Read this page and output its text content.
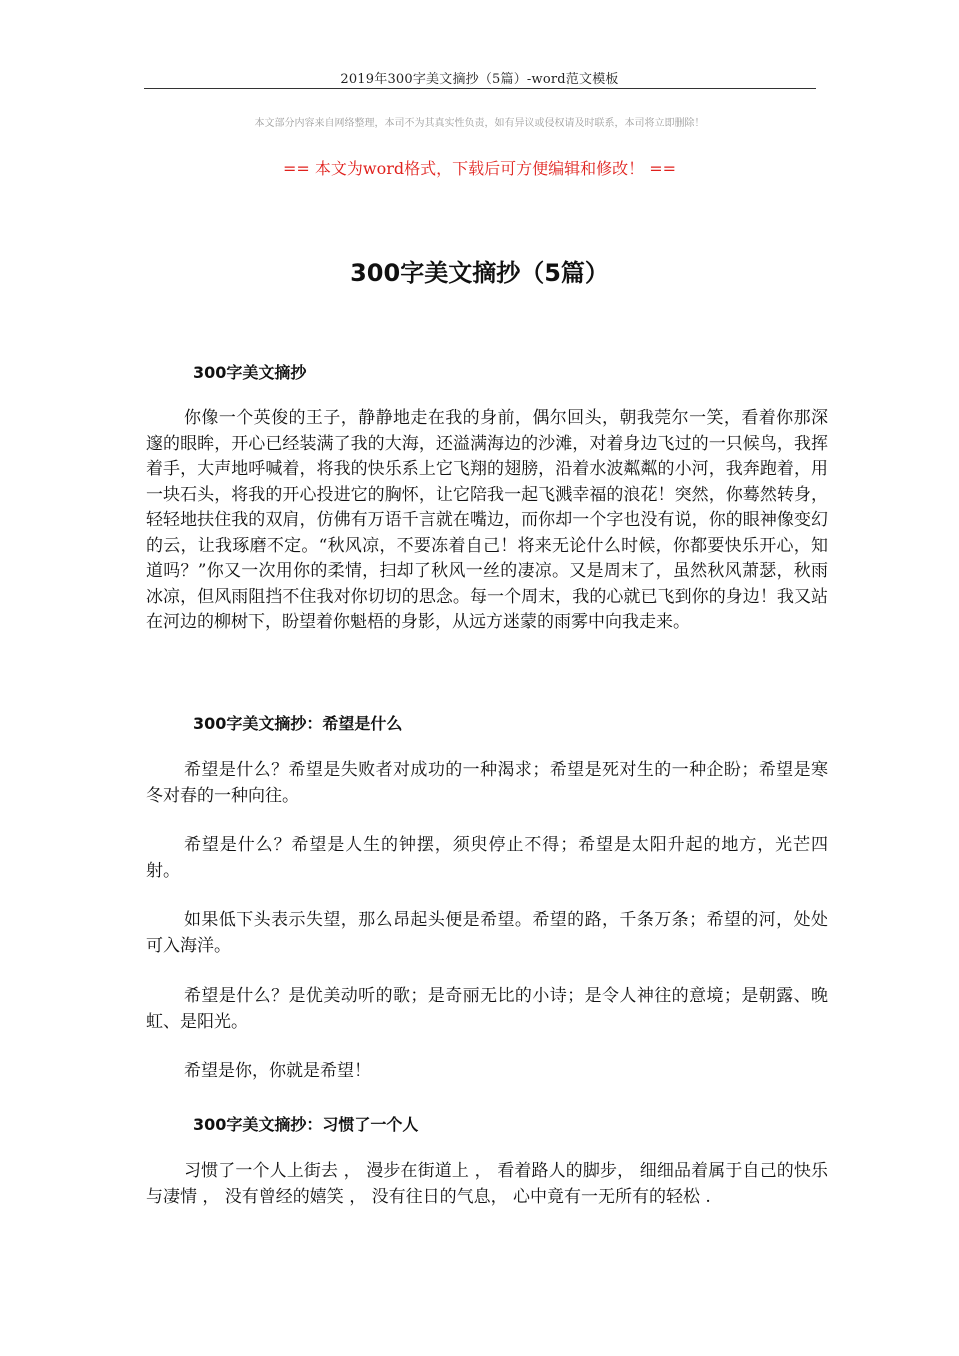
2019年300字美文摘抄（5篇）-word范文模板
本文部分内容来自网络整理，本司不为其真实性负责，如有异议或侵权请及时联系，本司将立即删除！
== 本文为word格式，下载后可方便编辑和修改！ ==
300字美文摘抄（5篇）
300字美文摘抄

你像一个英俊的王子，静静地走在我的身前，偶尔回头，朝我莞尔一笑，看着你那深邃的眼眸，开心已经装满了我的大海，还溢满海边的沙滩，对着身边飞过的一只候鸟，我挥着手，大声地呼喊着，将我的快乐系上它飞翔的翅膀，沿着水波粼粼的小河，我奔跑着，用一块石头，将我的开心投进它的胸怀，让它陪我一起飞溅幸福的浪花！突然，你蓦然转身，轻轻地扶住我的双肩，仿佛有万语千言就在嘴边，而你却一个字也没有说，你的眼神像变幻的云，让我琢磨不定。“秋风凉，不要冻着自己！将来无论什么时候，你都要快乐开心，知道吗？”你又一次用你的柔情，扫却了秋风一丝的凄凉。又是周末了，虽然秋风萧瑟，秋雨冰凉，但风雨阻挡不住我对你切切的思念。每一个周末，我的心就已飞到你的身边！我又站在河边的柳树下，盼望着你魁梧的身影，从远方迷蒙的雨雾中向我走来。

300字美文摘抄：希望是什么

希望是什么？希望是失败者对成功的一种渴求；希望是死对生的一种企盼；希望是寒冬对春的一种向往。

希望是什么？希望是人生的钟摆，须臾停止不得；希望是太阳升起的地方，光芒四射。

如果低下头表示失望，那么昂起头便是希望。希望的路，千条万条；希望的河，处处可入海洋。

希望是什么？是优美动听的歌；是奇丽无比的小诗；是令人神往的意境；是朝露、晚虹、是阳光。

希望是你，你就是希望！

300字美文摘抄：习惯了一个人

习惯了一个人上街去 ， 漫步在街道上 ， 看着路人的脚步， 细细品着属于自己的快乐与凄情 ， 没有曾经的嬉笑 ， 没有往日的气息， 心中竟有一无所有的轻松 .
